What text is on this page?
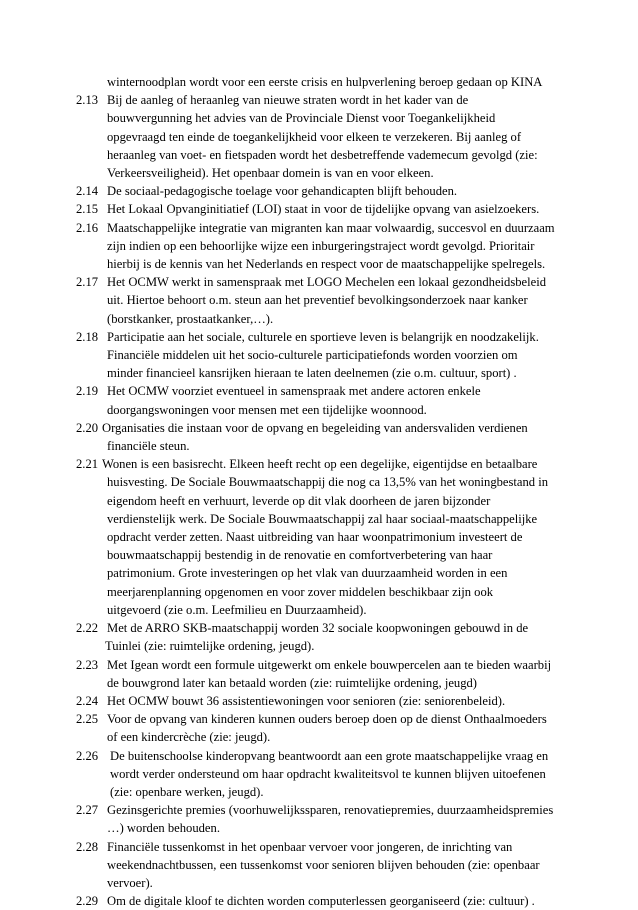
winternoodplan wordt voor een eerste crisis en hulpverlening beroep gedaan op KINA
2.13 Bij de aanleg of heraanleg van nieuwe straten wordt in het kader van de
bouwvergunning het advies van de Provinciale Dienst voor Toegankelijkheid
opgevraagd ten einde de toegankelijkheid voor elkeen te verzekeren. Bij aanleg of
heraanleg van voet- en fietspaden wordt het desbetreffende vademecum gevolgd (zie:
Verkeersveiligheid). Het openbaar domein is van en voor elkeen.
2.14 De sociaal-pedagogische toelage voor gehandicapten blijft behouden.
2.15 Het Lokaal Opvanginitiatief (LOI) staat in voor de tijdelijke opvang van asielzoekers.
2.16 Maatschappelijke integratie van migranten kan maar volwaardig, succesvol en duurzaam
zijn indien op een behoorlijke wijze een inburgeringstraject wordt gevolgd. Prioritair
hierbij is de kennis van het Nederlands en respect voor de maatschappelijke spelregels.
2.17 Het OCMW werkt in samenspraak met LOGO Mechelen een lokaal gezondheidsbeleid
uit. Hiertoe behoort o.m. steun aan het preventief bevolkingsonderzoek naar kanker
(borstkanker, prostaatkanker,…).
2.18 Participatie aan het sociale, culturele en sportieve leven is belangrijk en noodzakelijk.
Financiële middelen uit het socio-culturele participatiefonds worden voorzien om
minder financieel kansrijken hieraan te laten deelnemen (zie o.m. cultuur, sport) .
2.19 Het OCMW voorziet eventueel in samenspraak met andere actoren enkele
doorgangswoningen voor mensen met een tijdelijke woonnood.
2.20 Organisaties die instaan voor de opvang en begeleiding van andersvaliden verdienen
financiële steun.
2.21 Wonen is een basisrecht. Elkeen heeft recht op een degelijke, eigentijdse en betaalbare
huisvesting. De Sociale Bouwmaatschappij die nog ca 13,5% van het woningbestand in
eigendom heeft en verhuurt, leverde op dit vlak doorheen de jaren bijzonder
verdienstelijk werk. De Sociale Bouwmaatschappij zal haar sociaal-maatschappelijke
opdracht verder zetten. Naast uitbreiding van haar woonpatrimonium investeert de
bouwmaatschappij bestendig in de renovatie en comfortverbetering van haar
patrimonium. Grote investeringen op het vlak van duurzaamheid worden in een
meerjarenplanning opgenomen en voor zover middelen beschikbaar zijn ook
uitgevoerd (zie o.m. Leefmilieu en Duurzaamheid).
2.22 Met de ARRO SKB-maatschappij worden 32 sociale koopwoningen gebouwd in de
Tuinlei (zie: ruimtelijke ordening, jeugd).
2.23 Met Igean wordt een formule uitgewerkt om enkele bouwpercelen aan te bieden waarbij
de bouwgrond later kan betaald worden (zie: ruimtelijke ordening, jeugd)
2.24 Het OCMW bouwt 36 assistentiewoningen voor senioren (zie: seniorenbeleid).
2.25 Voor de opvang van kinderen kunnen ouders beroep doen op de dienst Onthaalmoeders
of een kindercrèche (zie: jeugd).
2.26 De buitenschoolse kinderopvang beantwoordt aan een grote maatschappelijke vraag en
wordt verder ondersteund om haar opdracht kwaliteitsvol te kunnen blijven uitoefenen
(zie: openbare werken, jeugd).
2.27 Gezinsgerichte premies (voorhuwelijkssparen, renovatiepremies, duurzaamheidspremies
…) worden behouden.
2.28 Financiële tussenkomst in het openbaar vervoer voor jongeren, de inrichting van
weekendnachtbussen, een tussenkomst voor senioren blijven behouden (zie: openbaar
vervoer).
2.29 Om de digitale kloof te dichten worden computerlessen georganiseerd (zie: cultuur) .
